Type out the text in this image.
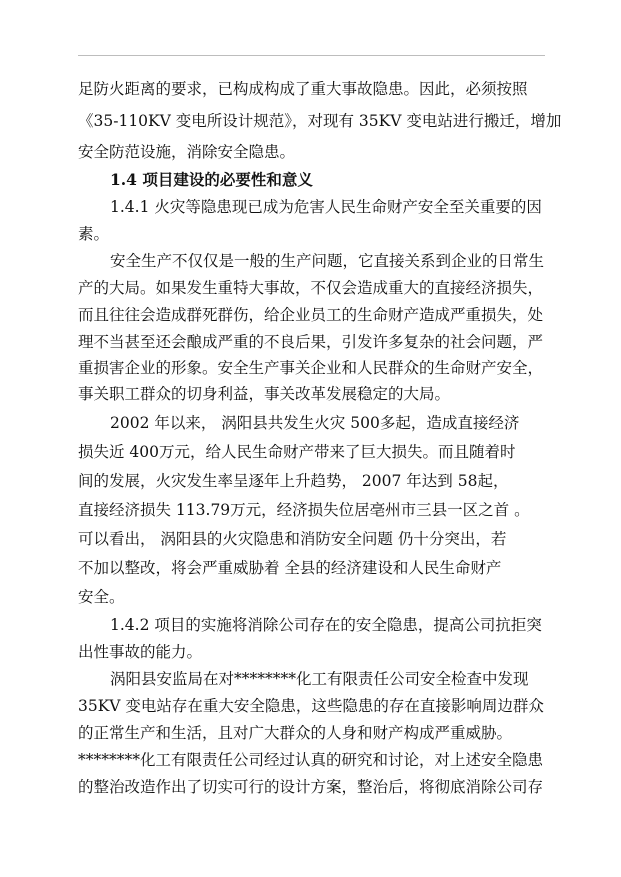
足防火距离的要求，已构成构成了重大事故隐患。因此，必须按照
《35-110KV 变电所设计规范》，对现有 35KV 变电站进行搬迁，增加
安全防范设施，消除安全隐患。
1.4 项目建设的必要性和意义
1.4.1 火灾等隐患现已成为危害人民生命财产安全至关重要的因
素。
安全生产不仅仅是一般的生产问题，它直接关系到企业的日常生
产的大局。如果发生重特大事故，不仅会造成重大的直接经济损失，
而且往往会造成群死群伤，给企业员工的生命财产造成严重损失，处
理不当甚至还会酿成严重的不良后果，引发许多复杂的社会问题，严
重损害企业的形象。安全生产事关企业和人民群众的生命财产安全，
事关职工群众的切身利益，事关改革发展稳定的大局。
2002 年以来， 涡阳县共发生火灾 500多起，造成直接经济
损失近 400万元，给人民生命财产带来了巨大损失。而且随着时
间的发展，火灾发生率呈逐年上升趋势， 2007 年达到 58起，
直接经济损失 113.79万元，经济损失位居亳州市三县一区之首 。
可以看出， 涡阳县的火灾隐患和消防安全问题 仍十分突出，若
不加以整改，将会严重威胁着 全县的经济建设和人民生命财产
安全。
1.4.2 项目的实施将消除公司存在的安全隐患，提高公司抗拒突
出性事故的能力。
涡阳县安监局在对********化工有限责任公司安全检查中发现
35KV 变电站存在重大安全隐患，这些隐患的存在直接影响周边群众
的正常生产和生活，且对广大群众的人身和财产构成严重威胁。
********化工有限责任公司经过认真的研究和讨论，对上述安全隐患
的整治改造作出了切实可行的设计方案，整治后，将彻底消除公司存
